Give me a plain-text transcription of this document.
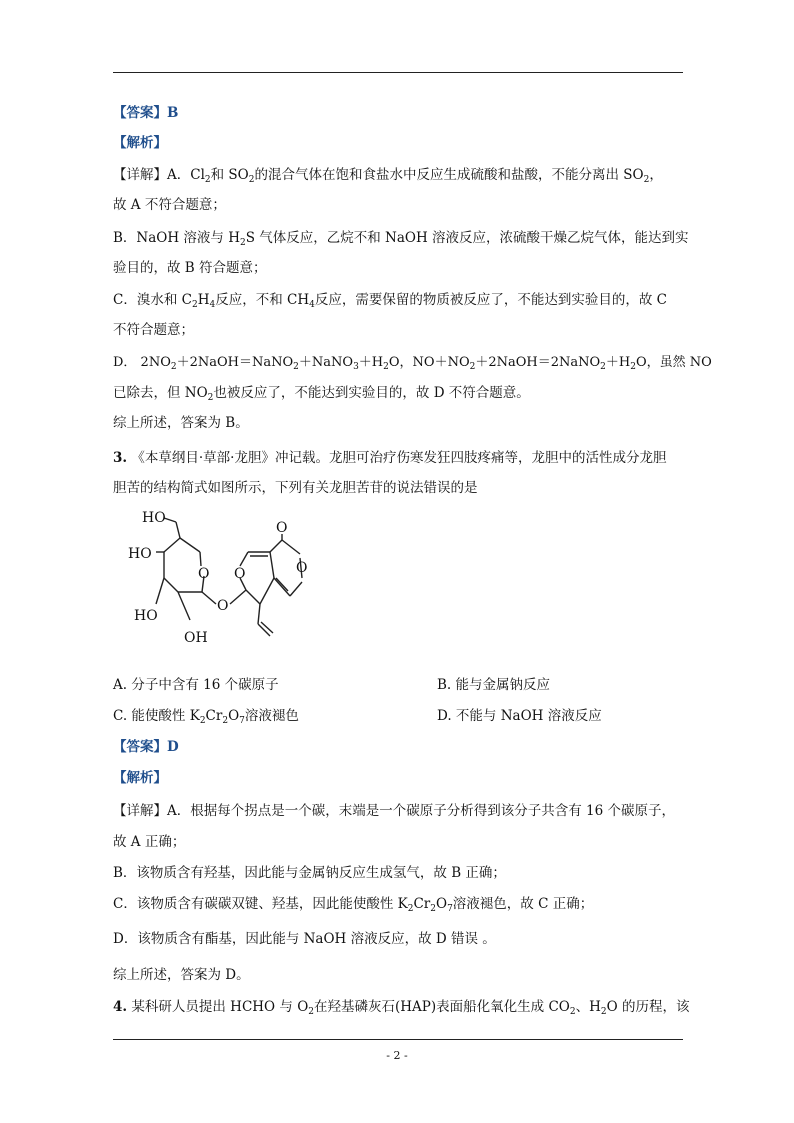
【答案】B
【解析】
【详解】A．$Cl_2$和 $SO_2$的混合气体在饱和食盐水中反应生成硫酸和盐酸，不能分离出 $SO_2$，
故 A 不符合题意；
B．NaOH 溶液与 $H_2S$ 气体反应，乙烷不和 NaOH 溶液反应，浓硫酸干燥乙烷气体，能达到实
验目的，故 B 符合题意；
C．溴水和 $C_2H_4$反应，不和 $CH_4$反应，需要保留的物质被反应了，不能达到实验目的，故 C
不符合题意；
D． $2NO_2+2NaOH=NaNO_2+NaNO_3+H_2O$，$NO+NO_2+2NaOH=2NaNO_2+H_2O$，虽然 NO
已除去，但 $NO_2$也被反应了，不能达到实验目的，故 D 不符合题意。
综上所述，答案为 B。
3. 《本草纲目·草部·龙胆》冲记载。龙胆可治疗伤寒发狂四肢疼痛等，龙胆中的活性成分龙胆
胆苦的结构简式如图所示，下列有关龙胆苦苷的说法错误的是
HO
HO
HO
OH
O
O
O
O
O
A. 分子中含有 16 个碳原子	B. 能与金属钠反应
C. 能使酸性 $K_2Cr_2O_7$溶液褪色	D. 不能与 NaOH 溶液反应
【答案】D
【解析】
【详解】A．根据每个拐点是一个碳，末端是一个碳原子分析得到该分子共含有 16 个碳原子，
故 A 正确；
B．该物质含有羟基，因此能与金属钠反应生成氢气，故 B 正确；
C．该物质含有碳碳双键、羟基，因此能使酸性 $K_2Cr_2O_7$溶液褪色，故 C 正确；
D．该物质含有酯基，因此能与 NaOH 溶液反应，故 D 错误 。
综上所述，答案为 D。
4. 某科研人员提出 HCHO 与 $O_2$在羟基磷灰石(HAP)表面船化氧化生成 $CO_2$、$H_2O$ 的历程，该
- 2 -
